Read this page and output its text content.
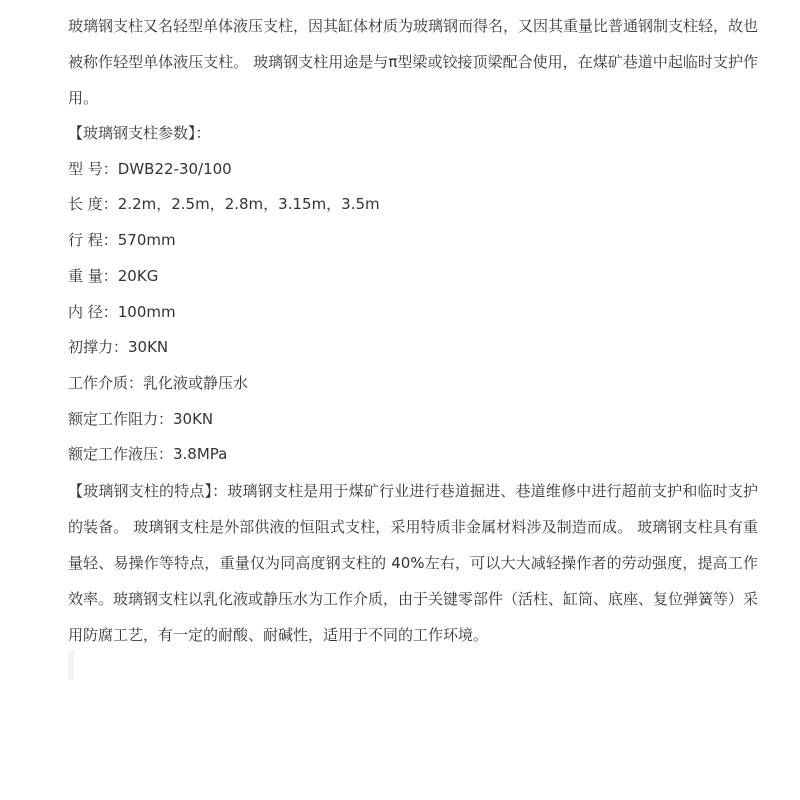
玻璃钢支柱又名轻型单体液压支柱，因其缸体材质为玻璃钢而得名，又因其重量比普通钢制支柱轻，故也被称作轻型单体液压支柱。 玻璃钢支柱用途是与π型梁或铰接顶梁配合使用，在煤矿巷道中起临时支护作用。

【玻璃钢支柱参数】：

型 号：DWB22-30/100

长 度：2.2m，2.5m，2.8m，3.15m，3.5m

行 程：570mm

重 量：20KG

内 径：100mm

初撑力：30KN

工作介质：乳化液或静压水

额定工作阻力：30KN

额定工作液压：3.8MPa

【玻璃钢支柱的特点】：玻璃钢支柱是用于煤矿行业进行巷道掘进、巷道维修中进行超前支护和临时支护的装备。 玻璃钢支柱是外部供液的恒阻式支柱，采用特质非金属材料涉及制造而成。 玻璃钢支柱具有重量轻、易操作等特点，重量仅为同高度钢支柱的 40%左右，可以大大减轻操作者的劳动强度，提高工作效率。玻璃钢支柱以乳化液或静压水为工作介质，由于关键零部件（活柱、缸筒、底座、复位弹簧等）采用防腐工艺，有一定的耐酸、耐碱性，适用于不同的工作环境。
